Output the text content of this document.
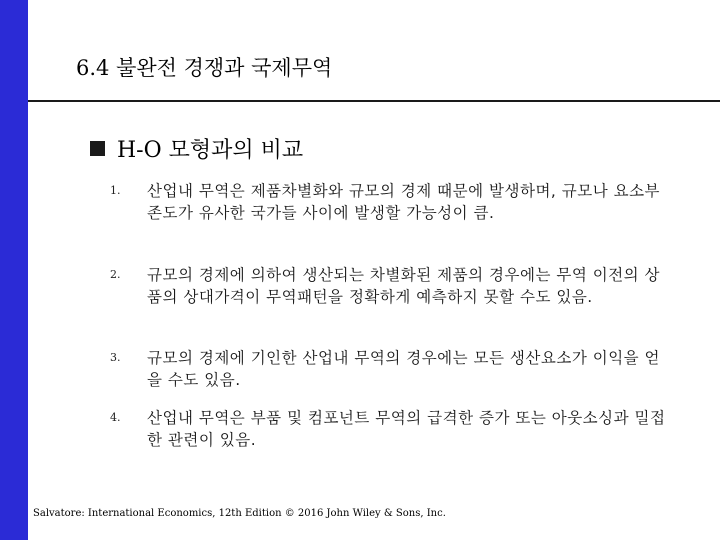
6.4 불완전 경쟁과 국제무역
H-O 모형과의 비교
1. 산업내 무역은 제품차별화와 규모의 경제 때문에 발생하며, 규모나 요소부존도가 유사한 국가들 사이에 발생할 가능성이 큼.
2. 규모의 경제에 의하여 생산되는 차별화된 제품의 경우에는 무역 이전의 상품의 상대가격이 무역패턴을 정확하게 예측하지 못할 수도 있음.
3. 규모의 경제에 기인한 산업내 무역의 경우에는 모든 생산요소가 이익을 얻을 수도 있음.
4. 산업내 무역은 부품 및 컴포넌트 무역의 급격한 증가 또는 아웃소싱과 밀접한 관련이 있음.
Salvatore: International Economics, 12th Edition © 2016 John Wiley & Sons, Inc.
